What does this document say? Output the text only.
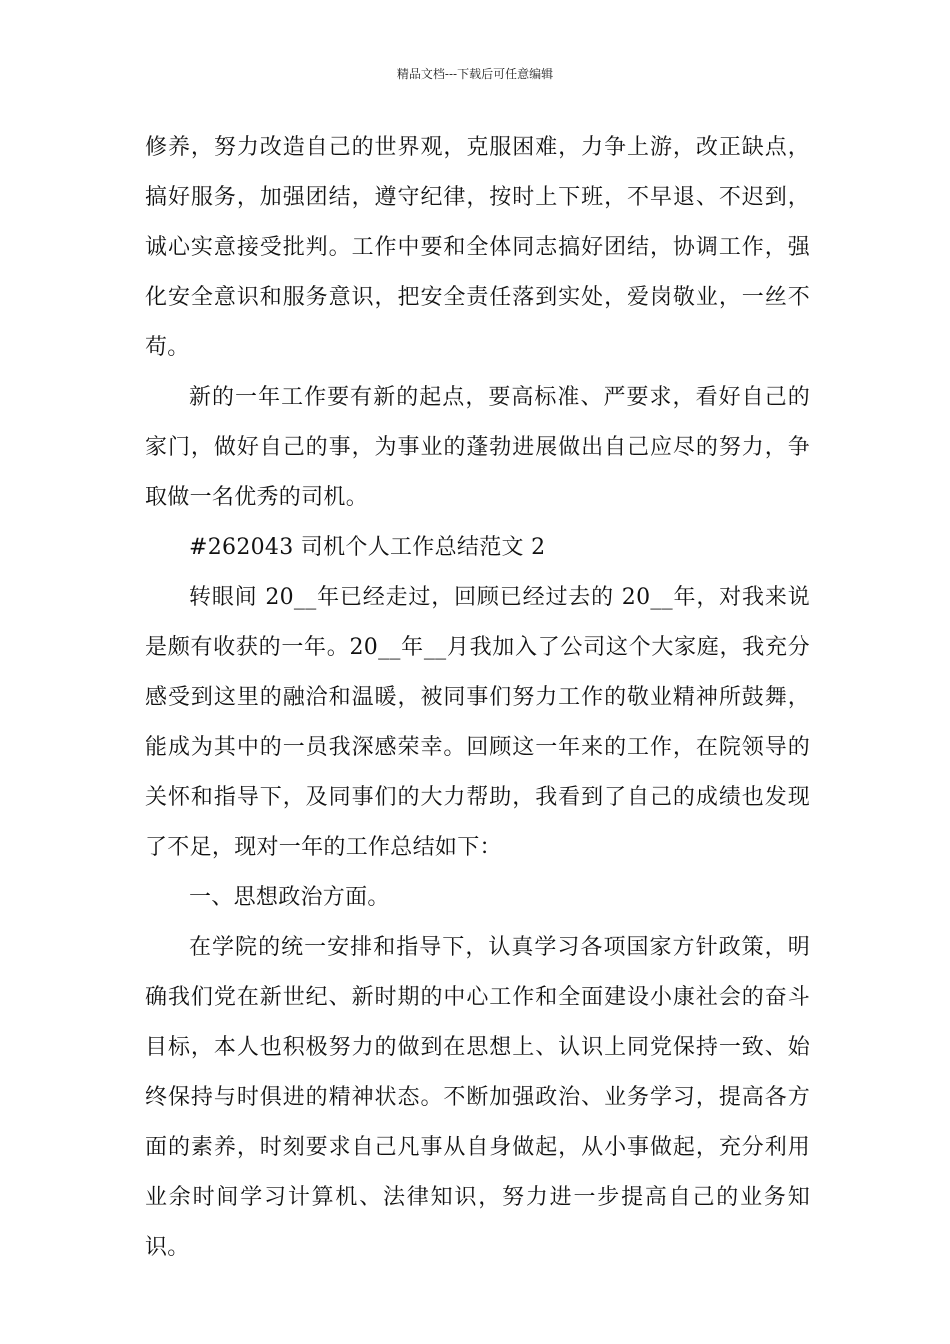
精品文档---下载后可任意编辑

修养，努力改造自己的世界观，克服困难，力争上游，改正缺点，搞好服务，加强团结，遵守纪律，按时上下班，不早退、不迟到，诚心实意接受批判。工作中要和全体同志搞好团结，协调工作，强化安全意识和服务意识，把安全责任落到实处，爱岗敬业，一丝不苟。

新的一年工作要有新的起点，要高标准、严要求，看好自己的家门，做好自己的事，为事业的蓬勃进展做出自己应尽的努力，争取做一名优秀的司机。

#262043 司机个人工作总结范文 2

转眼间 20__年已经走过，回顾已经过去的 20__年，对我来说是颇有收获的一年。20__年__月我加入了公司这个大家庭，我充分感受到这里的融洽和温暖，被同事们努力工作的敬业精神所鼓舞，能成为其中的一员我深感荣幸。回顾这一年来的工作，在院领导的关怀和指导下，及同事们的大力帮助，我看到了自己的成绩也发现了不足，现对一年的工作总结如下：

一、思想政治方面。

在学院的统一安排和指导下，认真学习各项国家方针政策，明确我们党在新世纪、新时期的中心工作和全面建设小康社会的奋斗目标，本人也积极努力的做到在思想上、认识上同党保持一致、始终保持与时俱进的精神状态。不断加强政治、业务学习，提高各方面的素养，时刻要求自己凡事从自身做起，从小事做起，充分利用业余时间学习计算机、法律知识，努力进一步提高自己的业务知识。
